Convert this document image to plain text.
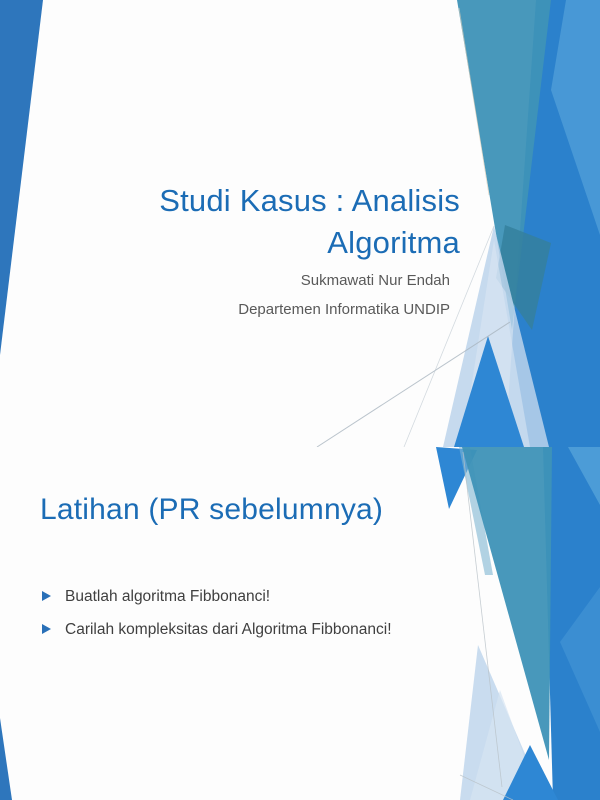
Studi Kasus : Analisis Algoritma
Sukmawati Nur Endah
Departemen Informatika UNDIP
Latihan (PR sebelumnya)
Buatlah algoritma Fibbonanci!
Carilah kompleksitas dari Algoritma Fibbonanci!
